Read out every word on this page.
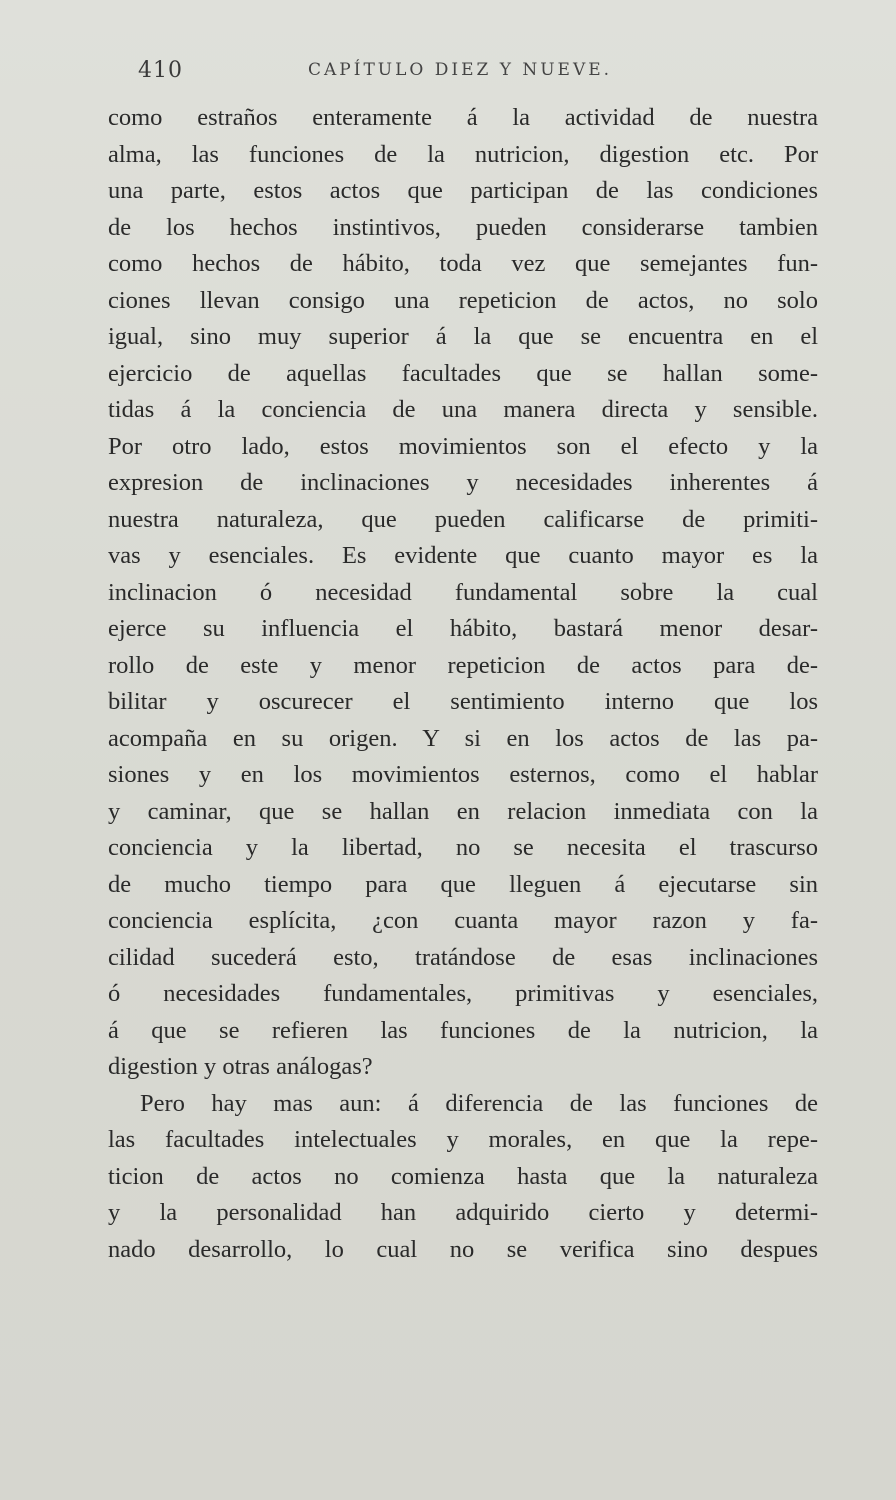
410	CAPÍTULO DIEZ Y NUEVE.
como estraños enteramente á la actividad de nuestra
alma, las funciones de la nutricion, digestion etc. Por
una parte, estos actos que participan de las condiciones
de los hechos instintivos, pueden considerarse tambien
como hechos de hábito, toda vez que semejantes fun-
ciones llevan consigo una repeticion de actos, no solo
igual, sino muy superior á la que se encuentra en el
ejercicio de aquellas facultades que se hallan some-
tidas á la conciencia de una manera directa y sensible.
Por otro lado, estos movimientos son el efecto y la
expresion de inclinaciones y necesidades inherentes á
nuestra naturaleza, que pueden calificarse de primiti-
vas y esenciales. Es evidente que cuanto mayor es la
inclinacion ó necesidad fundamental sobre la cual
ejerce su influencia el hábito, bastará menor desar-
rollo de este y menor repeticion de actos para de-
bilitar y oscurecer el sentimiento interno que los
acompaña en su origen. Y si en los actos de las pa-
siones y en los movimientos esternos, como el hablar
y caminar, que se hallan en relacion inmediata con la
conciencia y la libertad, no se necesita el trascurso
de mucho tiempo para que lleguen á ejecutarse sin
conciencia esplícita, ¿con cuanta mayor razon y fa-
cilidad sucederá esto, tratándose de esas inclinaciones
ó necesidades fundamentales, primitivas y esenciales,
á que se refieren las funciones de la nutricion, la
digestion y otras análogas?
Pero hay mas aun: á diferencia de las funciones de
las facultades intelectuales y morales, en que la repe-
ticion de actos no comienza hasta que la naturaleza
y la personalidad han adquirido cierto y determi-
nado desarrollo, lo cual no se verifica sino despues
